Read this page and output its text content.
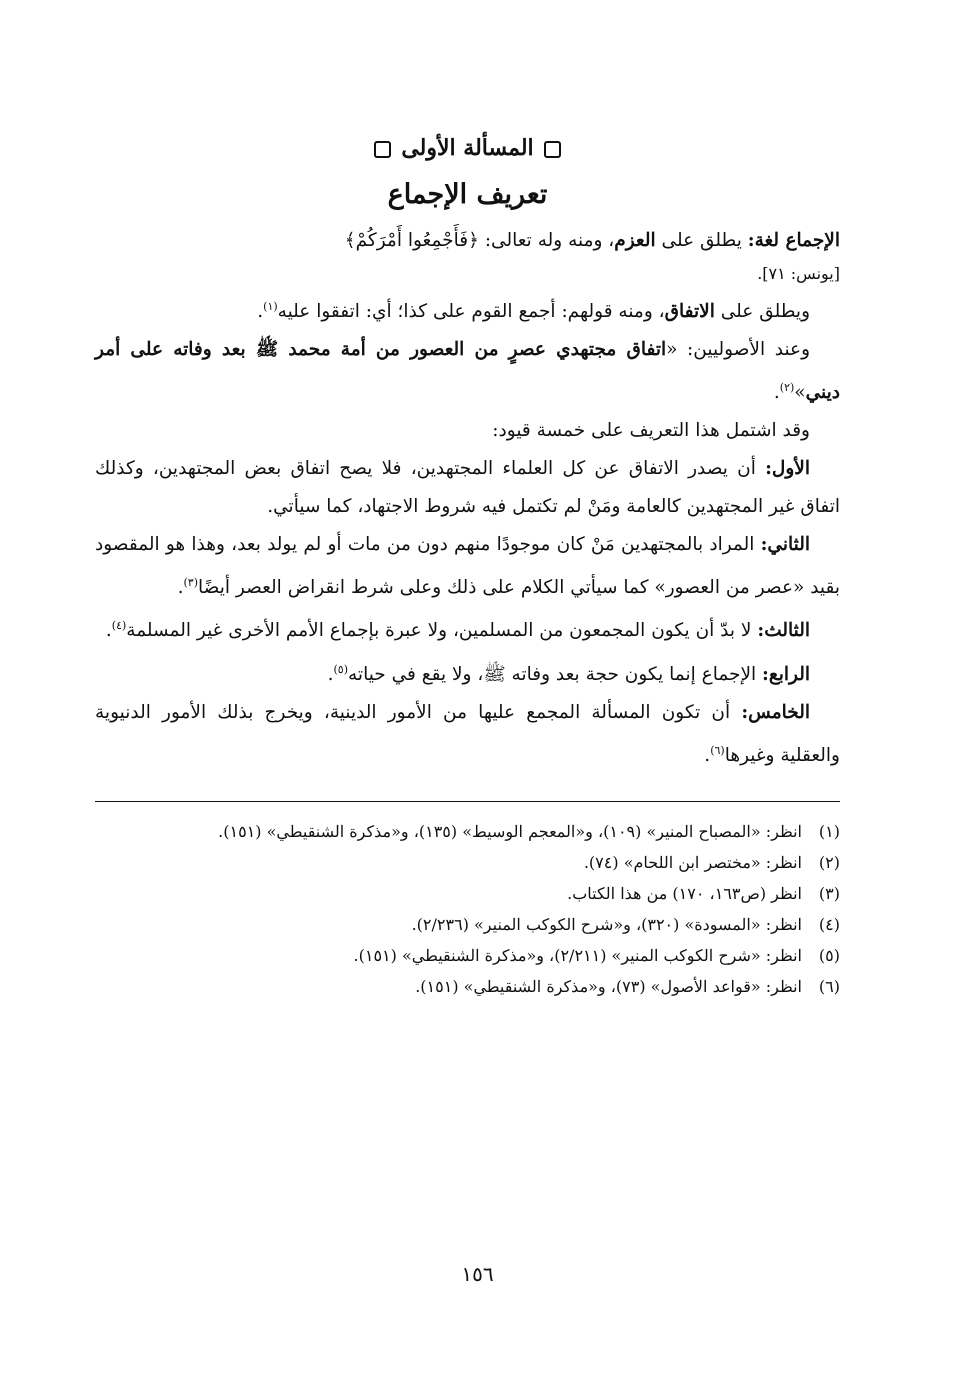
المسألة الأولى
تعريف الإجماع

الإجماع لغة: يطلق على العزم، ومنه وله تعالى: ﴿فَأَجْمِعُوا أَمْرَكُمْ﴾

[يونس: ٧١].

ويطلق على الاتفاق، ومنه قولهم: أجمع القوم على كذا؛ أي: اتفقوا عليه$^{(١)}$.

وعند الأصوليين: «اتفاق مجتهدي عصرٍ من العصور من أمة محمد ﷺ بعد وفاته على أمر ديني»$^{(٢)}$.

وقد اشتمل هذا التعريف على خمسة قيود:

الأول: أن يصدر الاتفاق عن كل العلماء المجتهدين، فلا يصح اتفاق بعض المجتهدين، وكذلك اتفاق غير المجتهدين كالعامة ومَنْ لم تكتمل فيه شروط الاجتهاد، كما سيأتي.

الثاني: المراد بالمجتهدين مَنْ كان موجودًا منهم دون من مات أو لم يولد بعد، وهذا هو المقصود بقيد «عصر من العصور» كما سيأتي الكلام على ذلك وعلى شرط انقراض العصر أيضًا$^{(٣)}$.

الثالث: لا بدّ أن يكون المجمعون من المسلمين، ولا عبرة بإجماع الأمم الأخرى غير المسلمة$^{(٤)}$.

الرابع: الإجماع إنما يكون حجة بعد وفاته ﷺ، ولا يقع في حياته$^{(٥)}$.

الخامس: أن تكون المسألة المجمع عليها من الأمور الدينية، ويخرج بذلك الأمور الدنيوية والعقلية وغيرها$^{(٦)}$.

(١)
انظر: «المصباح المنير» (١٠٩)، و«المعجم الوسيط» (١٣٥)، و«مذكرة الشنقيطي» (١٥١).
(٢)
انظر: «مختصر ابن اللحام» (٧٤).
(٣)
انظر (ص١٦٣، ١٧٠) من هذا الكتاب.
(٤)
انظر: «المسودة» (٣٢٠)، و«شرح الكوكب المنير» (٢/٢٣٦).
(٥)
انظر: «شرح الكوكب المنير» (٢/٢١١)، و«مذكرة الشنقيطي» (١٥١).
(٦)
انظر: «قواعد الأصول» (٧٣)، و«مذكرة الشنقيطي» (١٥١).
١٥٦
